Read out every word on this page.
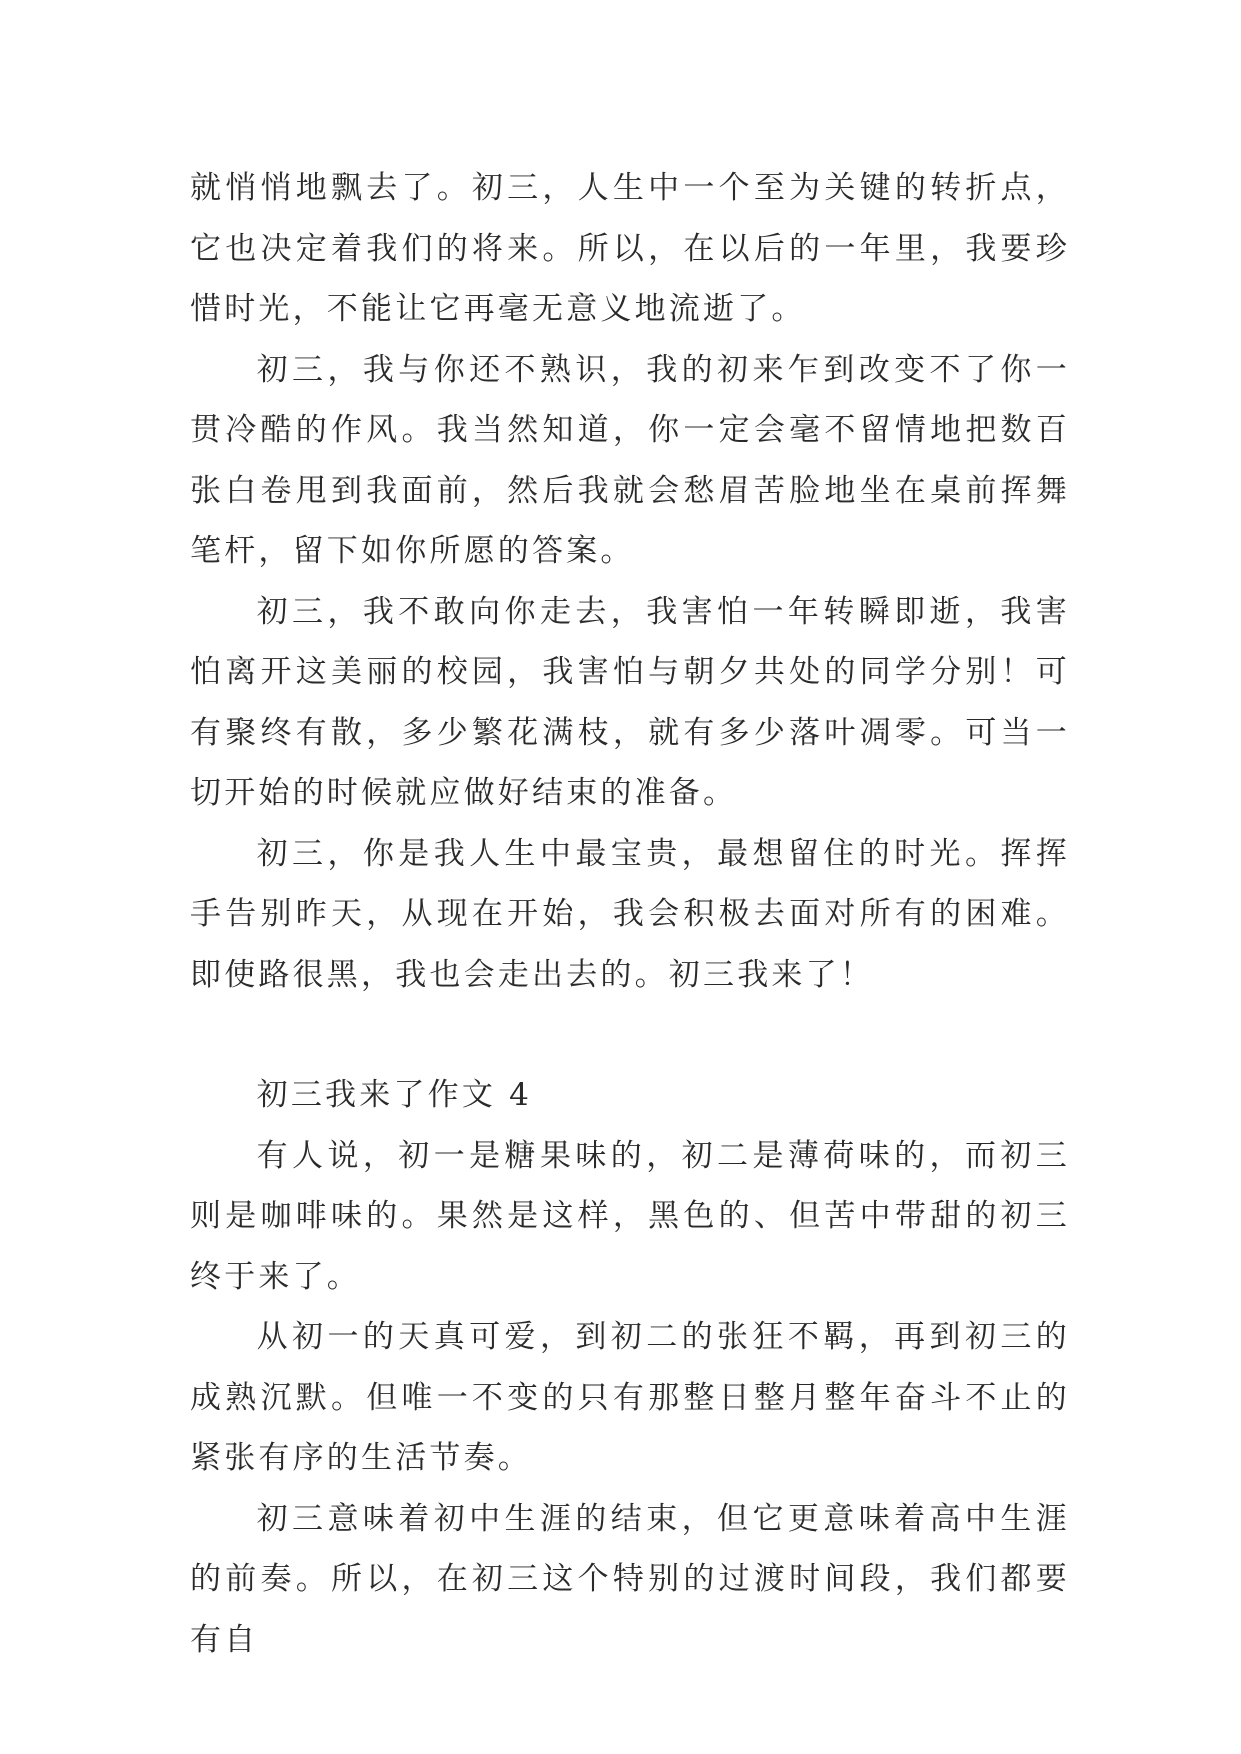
就悄悄地飘去了。初三，人生中一个至为关键的转折点，它也决定着我们的将来。所以，在以后的一年里，我要珍惜时光，不能让它再毫无意义地流逝了。

初三，我与你还不熟识，我的初来乍到改变不了你一贯冷酷的作风。我当然知道，你一定会毫不留情地把数百张白卷甩到我面前，然后我就会愁眉苦脸地坐在桌前挥舞笔杆，留下如你所愿的答案。

初三，我不敢向你走去，我害怕一年转瞬即逝，我害怕离开这美丽的校园，我害怕与朝夕共处的同学分别！可有聚终有散，多少繁花满枝，就有多少落叶凋零。可当一切开始的时候就应做好结束的准备。

初三，你是我人生中最宝贵，最想留住的时光。挥挥手告别昨天，从现在开始，我会积极去面对所有的困难。即使路很黑，我也会走出去的。初三我来了！

初三我来了作文 4

有人说，初一是糖果味的，初二是薄荷味的，而初三则是咖啡味的。果然是这样，黑色的、但苦中带甜的初三终于来了。

从初一的天真可爱，到初二的张狂不羁，再到初三的成熟沉默。但唯一不变的只有那整日整月整年奋斗不止的紧张有序的生活节奏。

初三意味着初中生涯的结束，但它更意味着高中生涯的前奏。所以，在初三这个特别的过渡时间段，我们都要有自
